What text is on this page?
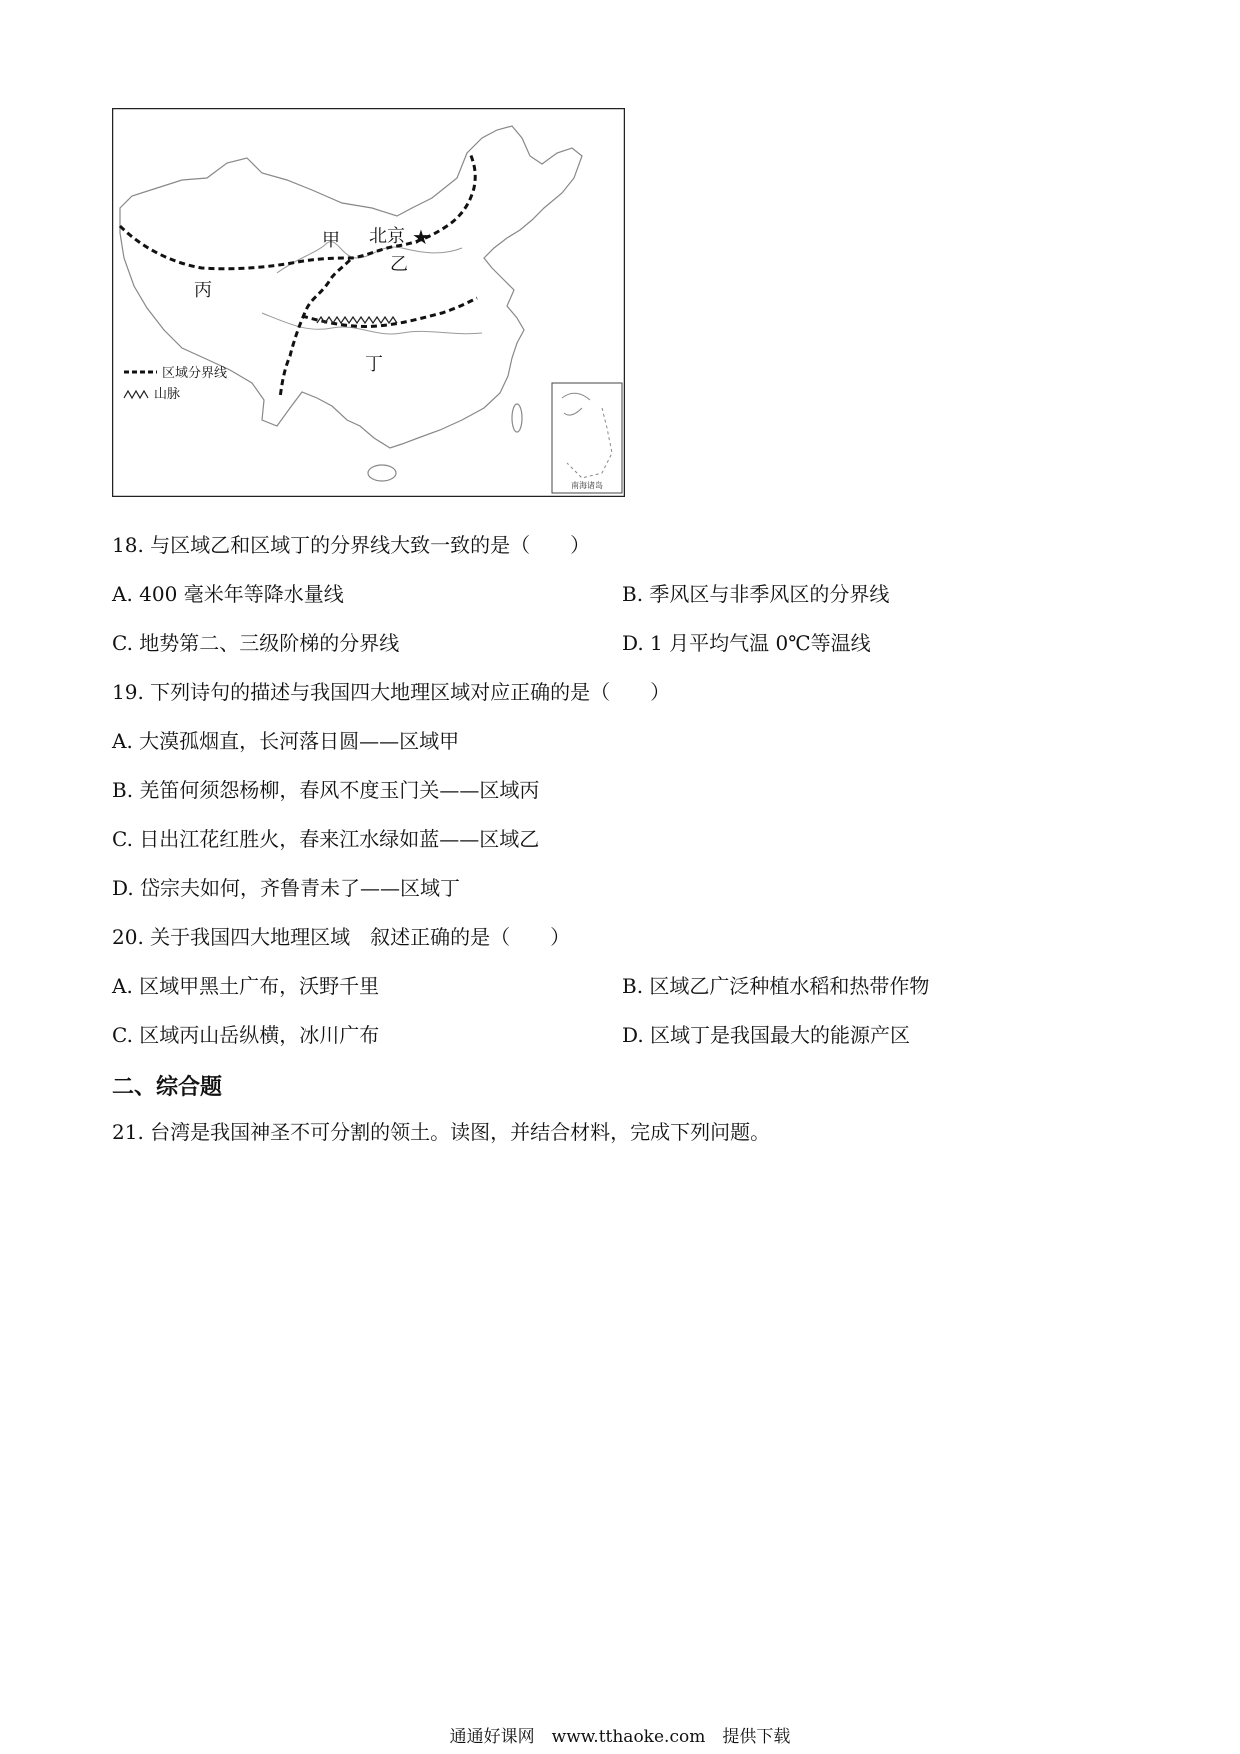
南海诸岛
甲 北京 ★
乙
丙
丁
区域分界线
山脉
18. 与区域乙和区域丁的分界线大致一致的是（　　）
A. 400 毫米年等降水量线	B. 季风区与非季风区的分界线
C. 地势第二、三级阶梯的分界线	D. 1 月平均气温 0℃等温线
19. 下列诗句的描述与我国四大地理区域对应正确的是（　　）
A. 大漠孤烟直，长河落日圆——区域甲
B. 羌笛何须怨杨柳，春风不度玉门关——区域丙
C. 日出江花红胜火，春来江水绿如蓝——区域乙
D. 岱宗夫如何，齐鲁青未了——区域丁
20. 关于我国四大地理区域　叙述正确的是（　　）
A. 区域甲黑土广布，沃野千里	B. 区域乙广泛种植水稻和热带作物
C. 区域丙山岳纵横，冰川广布	D. 区域丁是我国最大的能源产区
二、综合题
21. 台湾是我国神圣不可分割的领土。读图，并结合材料，完成下列问题。
通通好课网　www.tthaoke.com　提供下载
